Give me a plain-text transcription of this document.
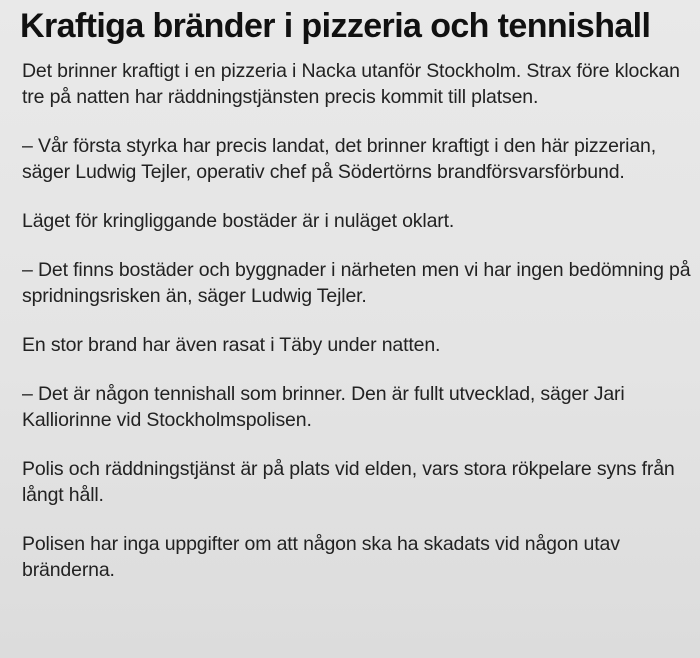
Kraftiga bränder i pizzeria och tennishall

Det brinner kraftigt i en pizzeria i Nacka utanför Stockholm. Strax före klockan tre på natten har räddningstjänsten precis kommit till platsen.

– Vår första styrka har precis landat, det brinner kraftigt i den här pizzerian, säger Ludwig Tejler, operativ chef på Södertörns brandförsvarsförbund.

Läget för kringliggande bostäder är i nuläget oklart.

– Det finns bostäder och byggnader i närheten men vi har ingen bedömning på spridningsrisken än, säger Ludwig Tejler.

En stor brand har även rasat i Täby under natten.

– Det är någon tennishall som brinner. Den är fullt utvecklad, säger Jari Kalliorinne vid Stockholmspolisen.

Polis och räddningstjänst är på plats vid elden, vars stora rökpelare syns från långt håll.

Polisen har inga uppgifter om att någon ska ha skadats vid någon utav bränderna.
